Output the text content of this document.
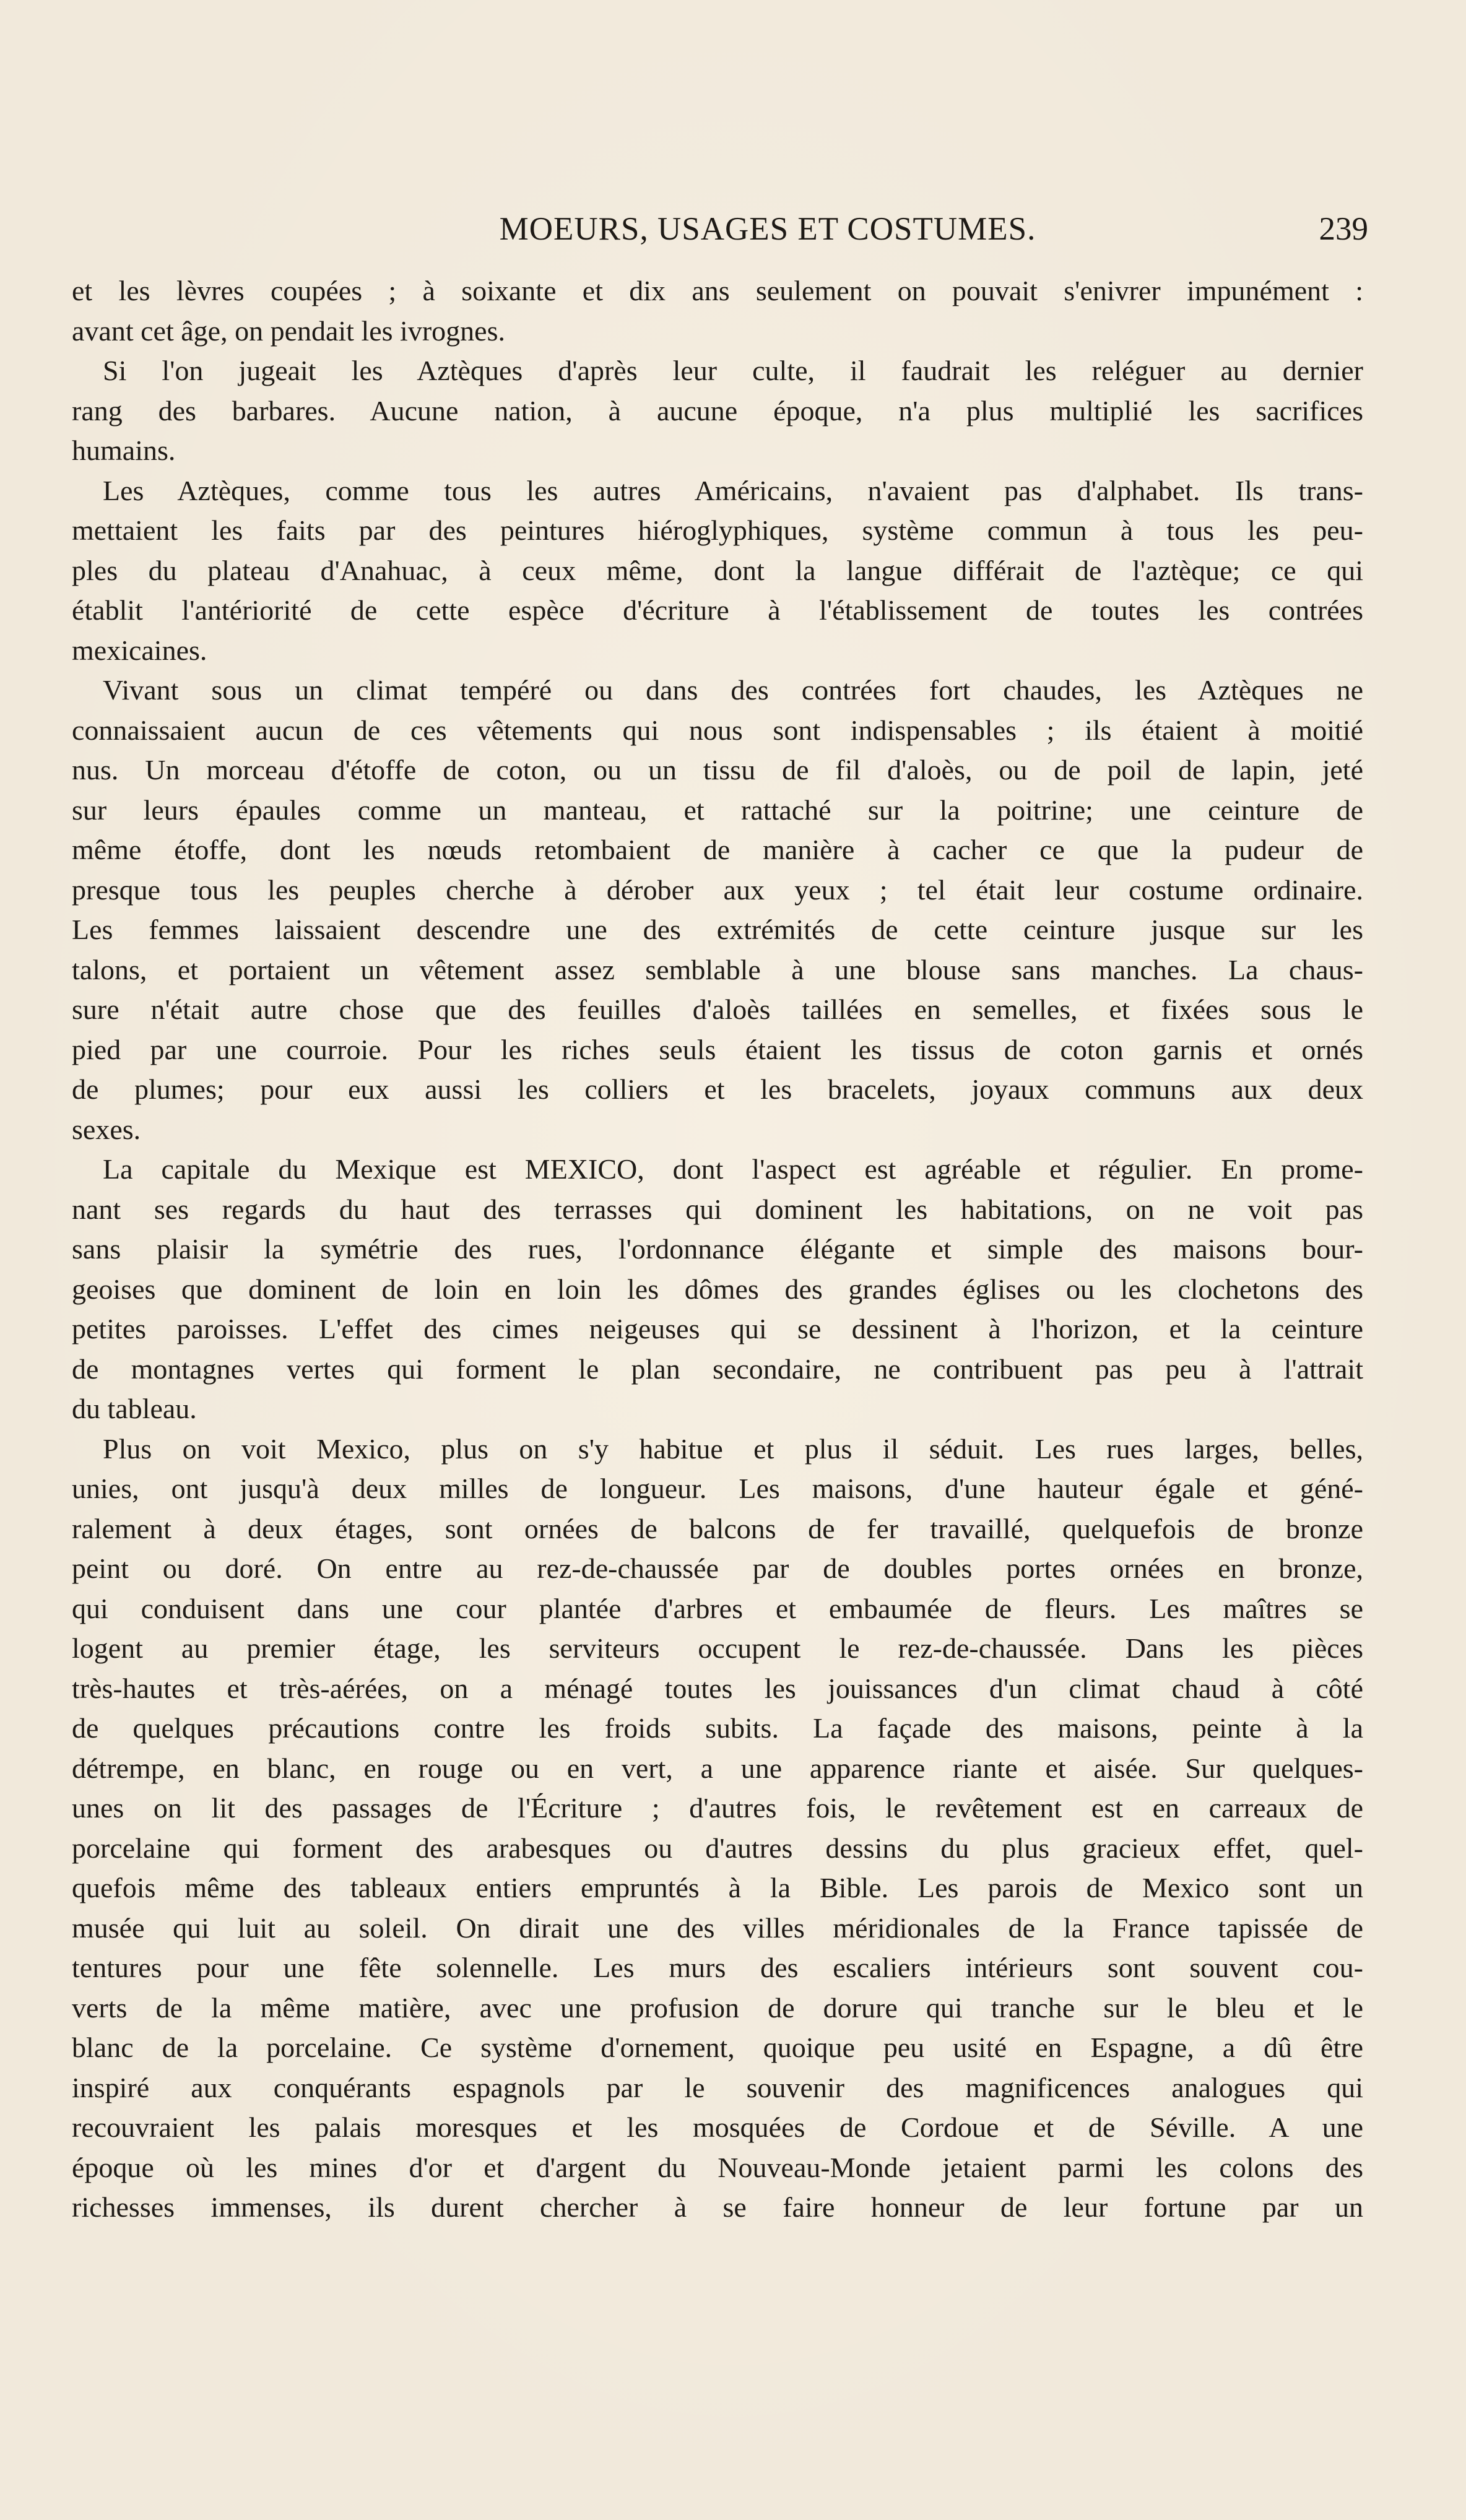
MOEURS, USAGES ET COSTUMES.	239
et les lèvres coupées ; à soixante et dix ans seulement on pouvait s'enivrer impunément :
avant cet âge, on pendait les ivrognes.
Si l'on jugeait les Aztèques d'après leur culte, il faudrait les reléguer au dernier
rang des barbares. Aucune nation, à aucune époque, n'a plus multiplié les sacrifices
humains.
Les Aztèques, comme tous les autres Américains, n'avaient pas d'alphabet. Ils trans-
mettaient les faits par des peintures hiéroglyphiques, système commun à tous les peu-
ples du plateau d'Anahuac, à ceux même, dont la langue différait de l'aztèque; ce qui
établit l'antériorité de cette espèce d'écriture à l'établissement de toutes les contrées
mexicaines.
Vivant sous un climat tempéré ou dans des contrées fort chaudes, les Aztèques ne
connaissaient aucun de ces vêtements qui nous sont indispensables ; ils étaient à moitié
nus. Un morceau d'étoffe de coton, ou un tissu de fil d'aloès, ou de poil de lapin, jeté
sur leurs épaules comme un manteau, et rattaché sur la poitrine; une ceinture de
même étoffe, dont les nœuds retombaient de manière à cacher ce que la pudeur de
presque tous les peuples cherche à dérober aux yeux ; tel était leur costume ordinaire.
Les femmes laissaient descendre une des extrémités de cette ceinture jusque sur les
talons, et portaient un vêtement assez semblable à une blouse sans manches. La chaus-
sure n'était autre chose que des feuilles d'aloès taillées en semelles, et fixées sous le
pied par une courroie. Pour les riches seuls étaient les tissus de coton garnis et ornés
de plumes; pour eux aussi les colliers et les bracelets, joyaux communs aux deux
sexes.
La capitale du Mexique est MEXICO, dont l'aspect est agréable et régulier. En prome-
nant ses regards du haut des terrasses qui dominent les habitations, on ne voit pas
sans plaisir la symétrie des rues, l'ordonnance élégante et simple des maisons bour-
geoises que dominent de loin en loin les dômes des grandes églises ou les clochetons des
petites paroisses. L'effet des cimes neigeuses qui se dessinent à l'horizon, et la ceinture
de montagnes vertes qui forment le plan secondaire, ne contribuent pas peu à l'attrait
du tableau.
Plus on voit Mexico, plus on s'y habitue et plus il séduit. Les rues larges, belles,
unies, ont jusqu'à deux milles de longueur. Les maisons, d'une hauteur égale et géné-
ralement à deux étages, sont ornées de balcons de fer travaillé, quelquefois de bronze
peint ou doré. On entre au rez-de-chaussée par de doubles portes ornées en bronze,
qui conduisent dans une cour plantée d'arbres et embaumée de fleurs. Les maîtres se
logent au premier étage, les serviteurs occupent le rez-de-chaussée. Dans les pièces
très-hautes et très-aérées, on a ménagé toutes les jouissances d'un climat chaud à côté
de quelques précautions contre les froids subits. La façade des maisons, peinte à la
détrempe, en blanc, en rouge ou en vert, a une apparence riante et aisée. Sur quelques-
unes on lit des passages de l'Écriture ; d'autres fois, le revêtement est en carreaux de
porcelaine qui forment des arabesques ou d'autres dessins du plus gracieux effet, quel-
quefois même des tableaux entiers empruntés à la Bible. Les parois de Mexico sont un
musée qui luit au soleil. On dirait une des villes méridionales de la France tapissée de
tentures pour une fête solennelle. Les murs des escaliers intérieurs sont souvent cou-
verts de la même matière, avec une profusion de dorure qui tranche sur le bleu et le
blanc de la porcelaine. Ce système d'ornement, quoique peu usité en Espagne, a dû être
inspiré aux conquérants espagnols par le souvenir des magnificences analogues qui
recouvraient les palais moresques et les mosquées de Cordoue et de Séville. A une
époque où les mines d'or et d'argent du Nouveau-Monde jetaient parmi les colons des
richesses immenses, ils durent chercher à se faire honneur de leur fortune par un
